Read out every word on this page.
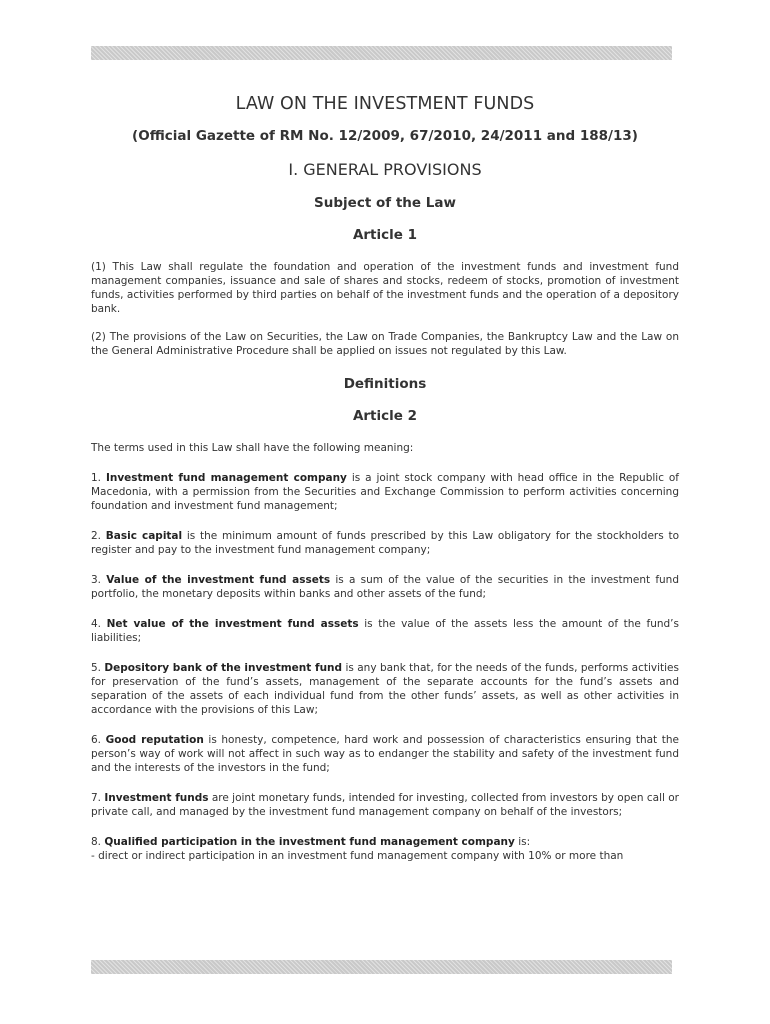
LAW ON THE INVESTMENT FUNDS

(Official Gazette of RM No. 12/2009, 67/2010, 24/2011 and 188/13)

I. GENERAL PROVISIONS
Subject of the Law
Article 1

(1) This Law shall regulate the foundation and operation of the investment funds and investment fund management companies, issuance and sale of shares and stocks, redeem of stocks, promotion of investment funds, activities performed by third parties on behalf of the investment funds and the operation of a depository bank.

(2) The provisions of the Law on Securities, the Law on Trade Companies, the Bankruptcy Law and the Law on the General Administrative Procedure shall be applied on issues not regulated by this Law.

Definitions
Article 2

The terms used in this Law shall have the following meaning:

1. Investment fund management company is a joint stock company with head office in the Republic of Macedonia, with a permission from the Securities and Exchange Commission to perform activities concerning foundation and investment fund management;

2. Basic capital is the minimum amount of funds prescribed by this Law obligatory for the stockholders to register and pay to the investment fund management company;

3. Value of the investment fund assets is a sum of the value of the securities in the investment fund portfolio, the monetary deposits within banks and other assets of the fund;

4. Net value of the investment fund assets is the value of the assets less the amount of the fund’s liabilities;

5. Depository bank of the investment fund is any bank that, for the needs of the funds, performs activities for preservation of the fund’s assets, management of the separate accounts for the fund’s assets and separation of the assets of each individual fund from the other funds’ assets, as well as other activities in accordance with the provisions of this Law;

6. Good reputation is honesty, competence, hard work and possession of characteristics ensuring that the person’s way of work will not affect in such way as to endanger the stability and safety of the investment fund and the interests of the investors in the fund;

7. Investment funds are joint monetary funds, intended for investing, collected from investors by open call or private call, and managed by the investment fund management company on behalf of the investors;

8. Qualified participation in the investment fund management company is:
- direct or indirect participation in an investment fund management company with 10% or more than
